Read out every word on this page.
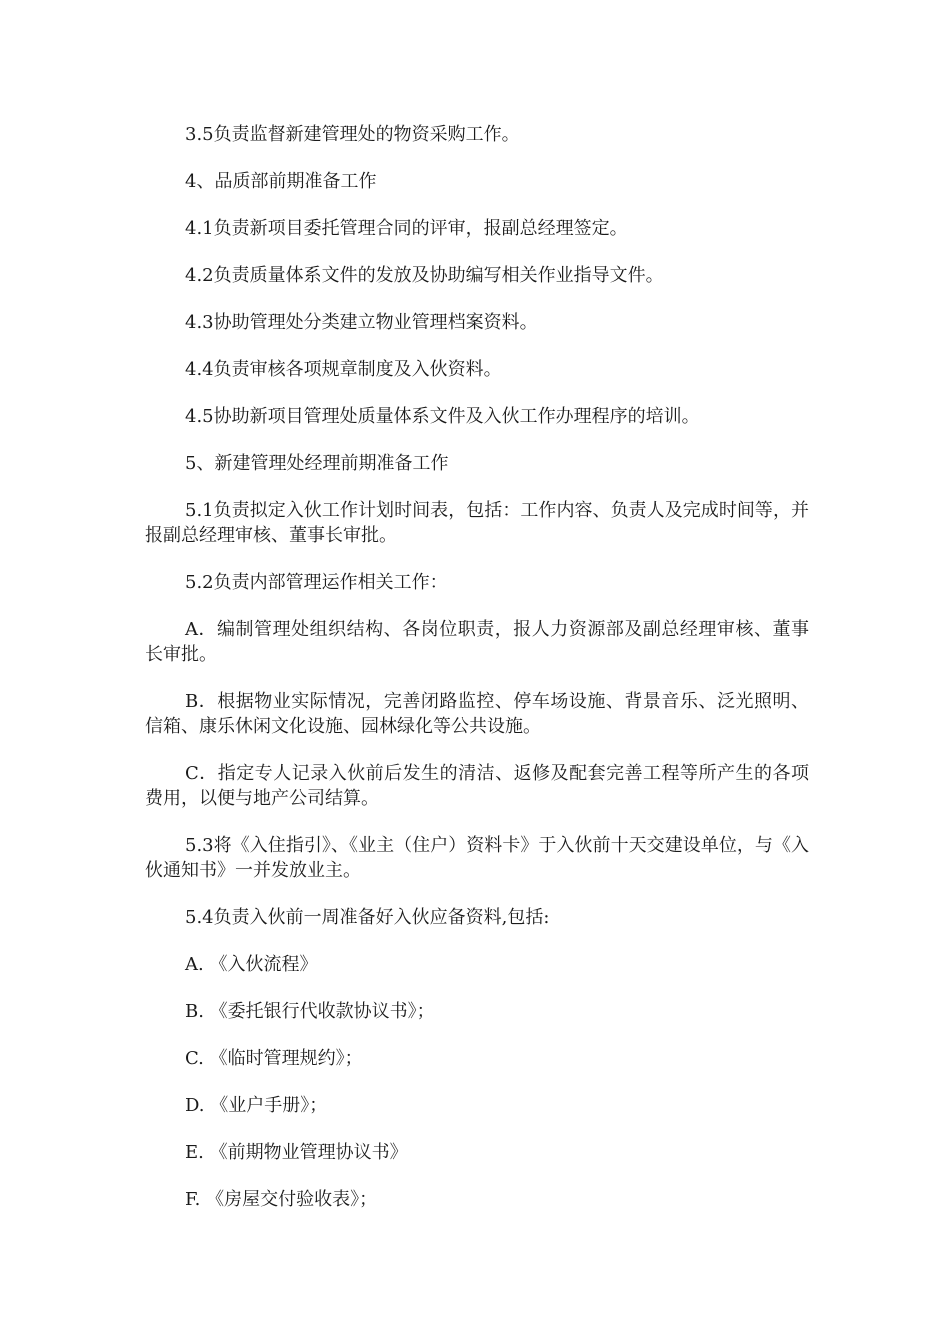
3.5负责监督新建管理处的物资采购工作。

4、品质部前期准备工作

4.1负责新项目委托管理合同的评审，报副总经理签定。

4.2负责质量体系文件的发放及协助编写相关作业指导文件。

4.3协助管理处分类建立物业管理档案资料。

4.4负责审核各项规章制度及入伙资料。

4.5协助新项目管理处质量体系文件及入伙工作办理程序的培训。

5、新建管理处经理前期准备工作

5.1负责拟定入伙工作计划时间表，包括：工作内容、负责人及完成时间等，并报副总经理审核、董事长审批。

5.2负责内部管理运作相关工作：

A．编制管理处组织结构、各岗位职责，报人力资源部及副总经理审核、董事长审批。

B．根据物业实际情况，完善闭路监控、停车场设施、背景音乐、泛光照明、信箱、康乐休闲文化设施、园林绿化等公共设施。

C．指定专人记录入伙前后发生的清洁、返修及配套完善工程等所产生的各项费用，以便与地产公司结算。

5.3将《入住指引》、《业主（住户）资料卡》于入伙前十天交建设单位，与《入伙通知书》一并发放业主。

5.4负责入伙前一周准备好入伙应备资料,包括:

A. 《入伙流程》

B. 《委托银行代收款协议书》；

C. 《临时管理规约》；

D. 《业户手册》；

E. 《前期物业管理协议书》

F. 《房屋交付验收表》；
